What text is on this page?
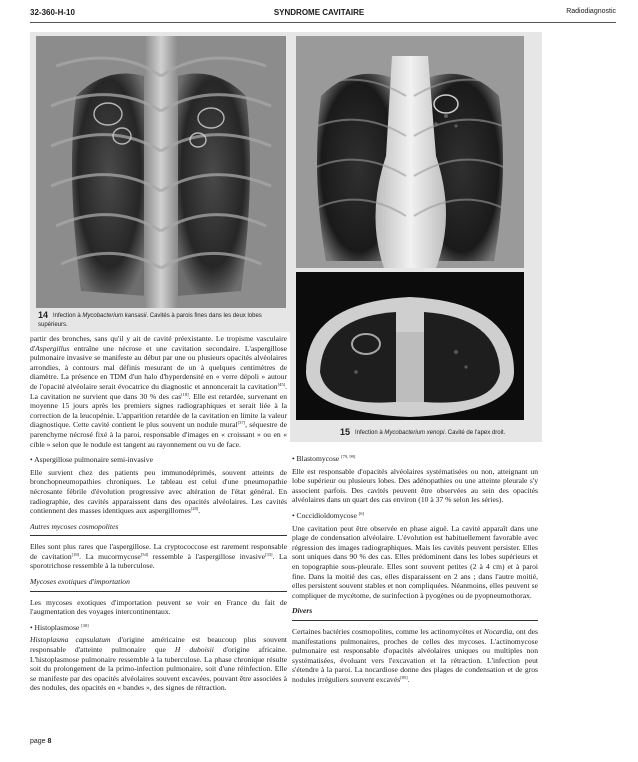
32-360-H-10	SYNDROME CAVITAIRE	Radiodiagnostic
14 Infection à Mycobacterium kansasii. Cavités à parois fines dans les deux lobes supérieurs.
15 Infection à Mycobacterium xenopi. Cavité de l'apex droit.

partir des bronches, sans qu'il y ait de cavité préexistante. Le tropisme vasculaire d'Aspergillus entraîne une nécrose et une cavitation secondaire. L'aspergillose pulmonaire invasive se manifeste au début par une ou plusieurs opacités alvéolaires arrondies, à contours mal définis mesurant de un à quelques centimètres de diamètre. La présence en TDM d'un halo d'hyperdensité en « verre dépoli » autour de l'opacité alvéolaire serait évocatrice du diagnostic et annoncerait la cavitation[45]. La cavitation ne survient que dans 30 % des cas[18]. Elle est retardée, survenant en moyenne 15 jours après les premiers signes radiographiques et serait liée à la correction de la leucopénie. L'apparition retardée de la cavitation en limite la valeur diagnostique. Cette cavité contient le plus souvent un nodule mural[37], séquestre de parenchyme nécrosé fixé à la paroi, responsable d'images en « croissant » ou en « cible » selon que le nodule est tangent au rayonnement ou vu de face.

• Aspergillose pulmonaire semi-invasive

Elle survient chez des patients peu immunodéprimés, souvent atteints de bronchopneumopathies chroniques. Le tableau est celui d'une pneumopathie nécrosante fébrile d'évolution progressive avec altération de l'état général. En radiographie, des cavités apparaissent dans des opacités alvéolaires. Les cavités contiennent des masses identiques aux aspergillomes[28].

Autres mycoses cosmopolites

Elles sont plus rares que l'aspergillose. La cryptococcose est rarement responsable de cavitation[18]. La mucormycose[54] ressemble à l'aspergillose invasive[33]. La sporotrichose ressemble à la tuberculose.

Mycoses exotiques d'importation

Les mycoses exotiques d'importation peuvent se voir en France du fait de l'augmentation des voyages intercontinentaux.

• Histoplasmose [30]

Histoplasma capsulatum d'origine américaine est beaucoup plus souvent responsable d'atteinte pulmonaire que H duboisii d'origine africaine. L'histoplasmose pulmonaire ressemble à la tuberculose. La phase chronique résulte soit du prolongement de la primo-infection pulmonaire, soit d'une réinfection. Elle se manifeste par des opacités alvéolaires souvent excavées, pouvant être associées à des nodules, des opacités en « bandes », des signes de rétraction.

• Blastomycose [79, 99]

Elle est responsable d'opacités alvéolaires systématisées ou non, atteignant un lobe supérieur ou plusieurs lobes. Des adénopathies ou une atteinte pleurale s'y associent parfois. Des cavités peuvent être observées au sein des opacités alvéolaires dans un quart des cas environ (10 à 37 % selon les séries).

• Coccidioïdomycose [6]

Une cavitation peut être observée en phase aiguë. La cavité apparaît dans une plage de condensation alvéolaire. L'évolution est habituellement favorable avec régression des images radiographiques. Mais les cavités peuvent persister. Elles sont uniques dans 90 % des cas. Elles prédominent dans les lobes supérieurs et en topographie sous-pleurale. Elles sont souvent petites (2 à 4 cm) et à paroi fine. Dans la moitié des cas, elles disparaissent en 2 ans ; dans l'autre moitié, elles persistent souvent stables et non compliquées. Néanmoins, elles peuvent se compliquer de mycétome, de surinfection à pyogènes ou de pyopneumothorax.

Divers

Certaines bactéries cosmopolites, comme les actinomycètes et Nocardia, ont des manifestations pulmonaires, proches de celles des mycoses. L'actinomycose pulmonaire est responsable d'opacités alvéolaires uniques ou multiples non systématisées, évoluant vers l'excavation et la rétraction. L'infection peut s'étendre à la paroi. La nocardiose donne des plages de condensation et de gros nodules irréguliers souvent excavés[85].

page 8
